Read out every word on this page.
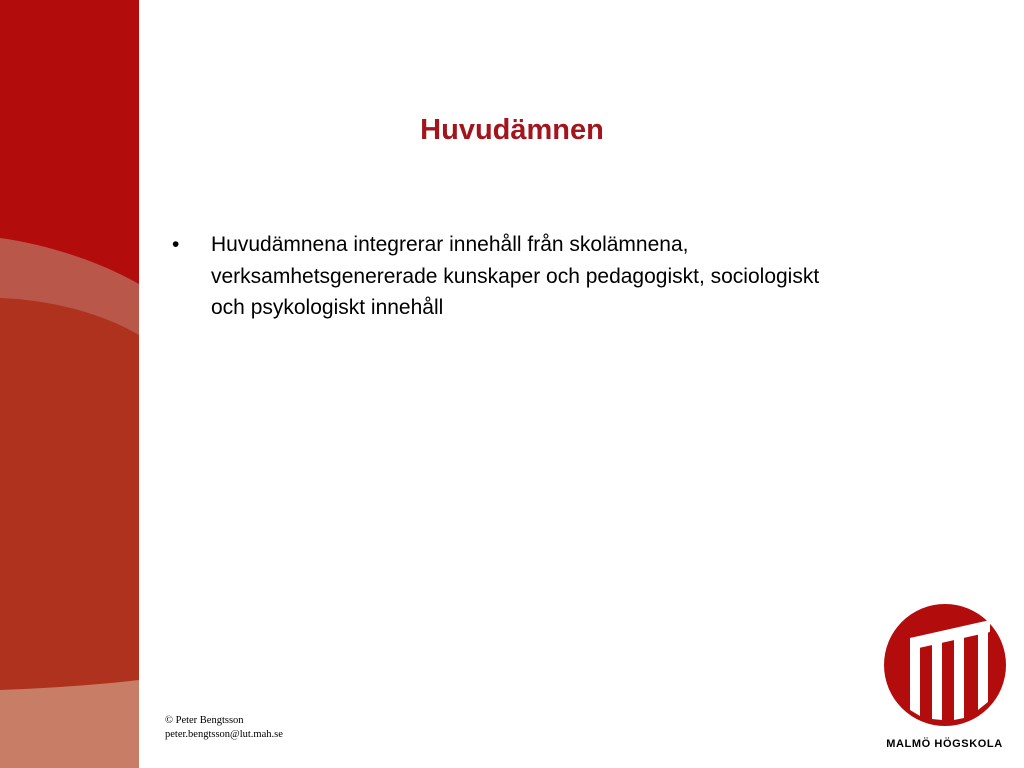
Huvudämnen
• Huvudämnena integrerar innehåll från skolämnena, verksamhetsgenererade kunskaper och pedagogiskt, sociologiskt och psykologiskt innehåll
© Peter Bengtsson
peter.bengtsson@lut.mah.se
MALMÖ HÖGSKOLA
